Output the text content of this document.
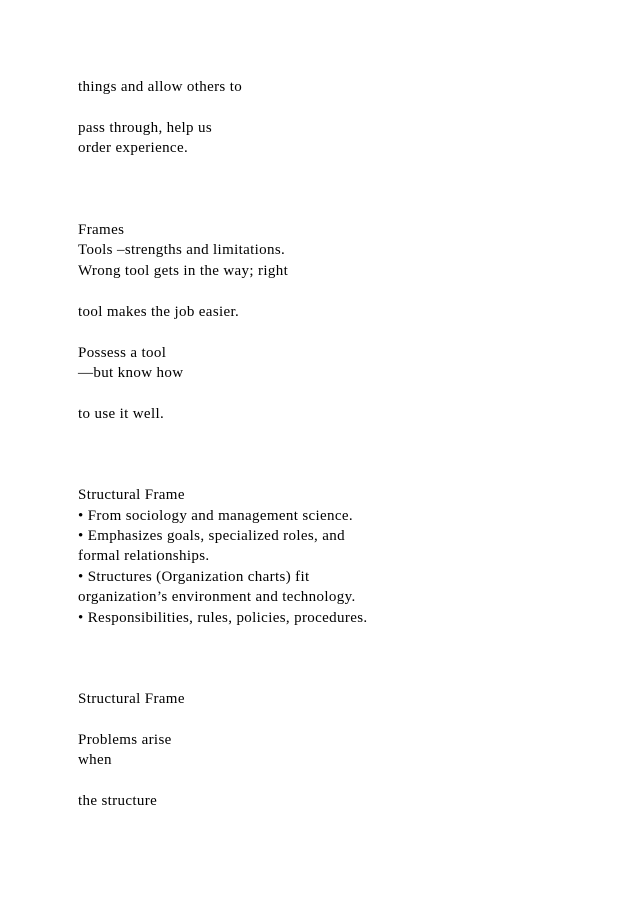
things and allow others to
pass through, help us
order experience.
Frames
Tools –strengths and limitations.
Wrong tool gets in the way; right
tool makes the job easier.
Possess a tool
—but know how
to use it well.
Structural Frame
• From sociology and management science.
• Emphasizes goals, specialized roles, and
formal relationships.
• Structures (Organization charts) fit
organization’s environment and technology.
• Responsibilities, rules, policies, procedures.
Structural Frame
Problems arise
when
the structure
